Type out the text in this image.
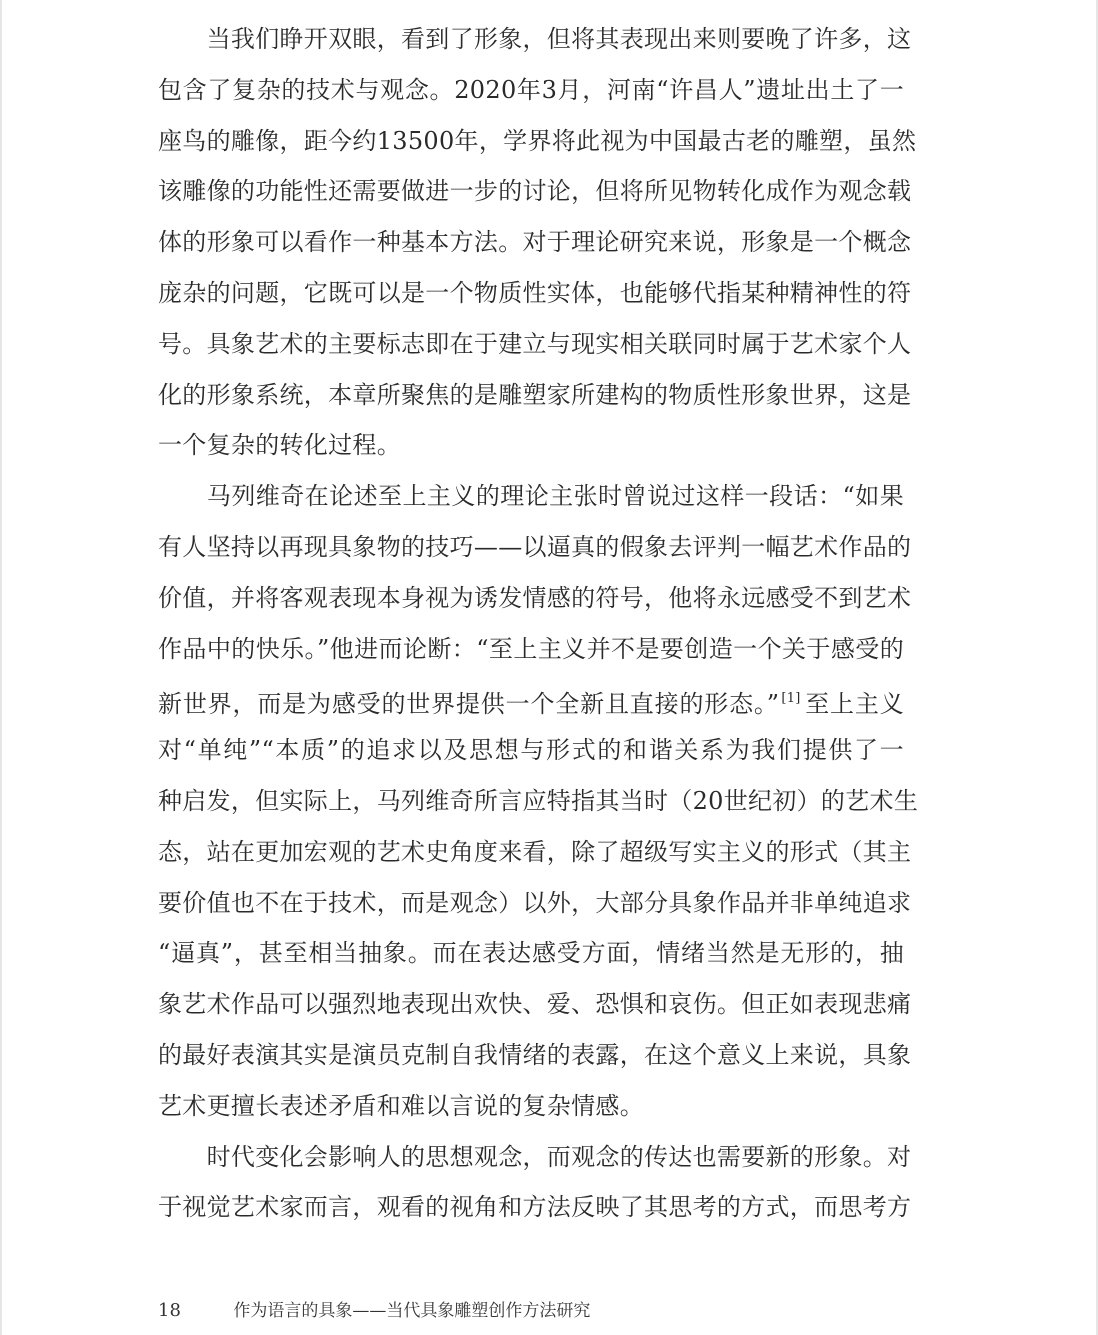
　　当我们睁开双眼，看到了形象，但将其表现出来则要晚了许多，这
包含了复杂的技术与观念。2020年3月，河南“许昌人”遗址出土了一
座鸟的雕像，距今约13500年，学界将此视为中国最古老的雕塑，虽然
该雕像的功能性还需要做进一步的讨论，但将所见物转化成作为观念载
体的形象可以看作一种基本方法。对于理论研究来说，形象是一个概念
庞杂的问题，它既可以是一个物质性实体，也能够代指某种精神性的符
号。具象艺术的主要标志即在于建立与现实相关联同时属于艺术家个人
化的形象系统，本章所聚焦的是雕塑家所建构的物质性形象世界，这是
一个复杂的转化过程。
　　马列维奇在论述至上主义的理论主张时曾说过这样一段话：“如果
有人坚持以再现具象物的技巧——以逼真的假象去评判一幅艺术作品的
价值，并将客观表现本身视为诱发情感的符号，他将永远感受不到艺术
作品中的快乐。”他进而论断：“至上主义并不是要创造一个关于感受的
新世界，而是为感受的世界提供一个全新且直接的形态。” [1] 至上主义
对“单纯”“本质”的追求以及思想与形式的和谐关系为我们提供了一
种启发，但实际上，马列维奇所言应特指其当时（20世纪初）的艺术生
态，站在更加宏观的艺术史角度来看，除了超级写实主义的形式（其主
要价值也不在于技术，而是观念）以外，大部分具象作品并非单纯追求
“逼真”，甚至相当抽象。而在表达感受方面，情绪当然是无形的，抽
象艺术作品可以强烈地表现出欢快、爱、恐惧和哀伤。但正如表现悲痛
的最好表演其实是演员克制自我情绪的表露，在这个意义上来说，具象
艺术更擅长表述矛盾和难以言说的复杂情感。
　　时代变化会影响人的思想观念，而观念的传达也需要新的形象。对
于视觉艺术家而言，观看的视角和方法反映了其思考的方式，而思考方
18	作为语言的具象——当代具象雕塑创作方法研究
